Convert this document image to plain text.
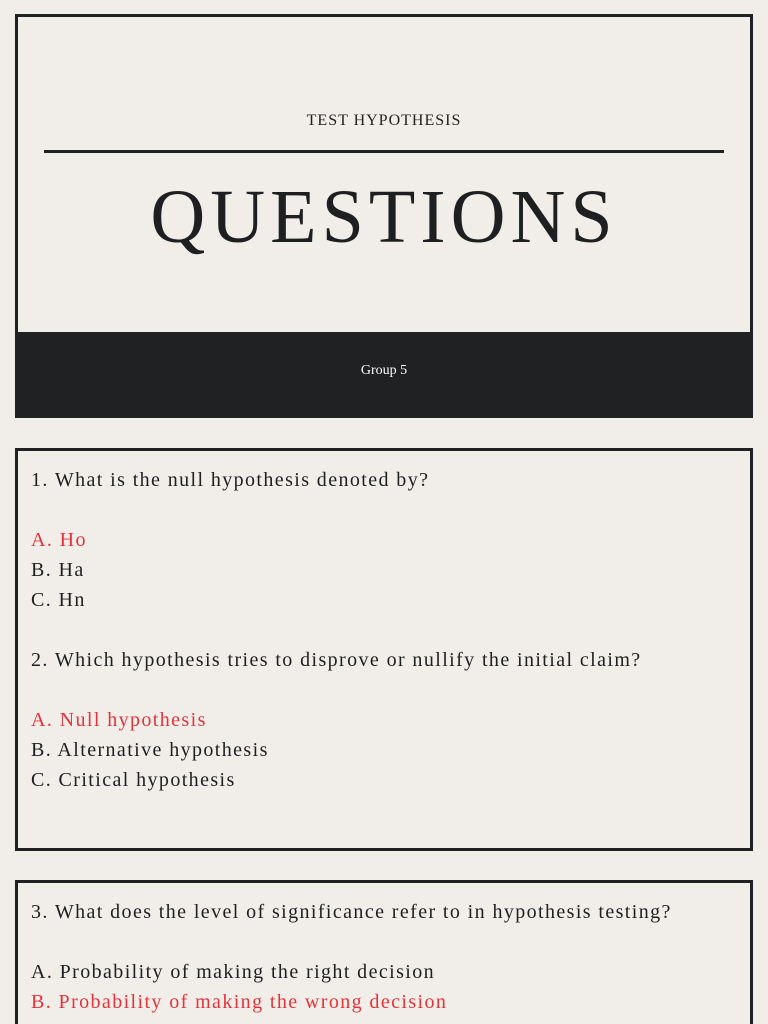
TEST HYPOTHESIS
QUESTIONS
Group 5

1. What is the null hypothesis denoted by?

A. Ho

B. Ha

C. Hn

2. Which hypothesis tries to disprove or nullify the initial claim?

A. Null hypothesis

B. Alternative hypothesis

C. Critical hypothesis

3. What does the level of significance refer to in hypothesis testing?

A. Probability of making the right decision

B. Probability of making the wrong decision
